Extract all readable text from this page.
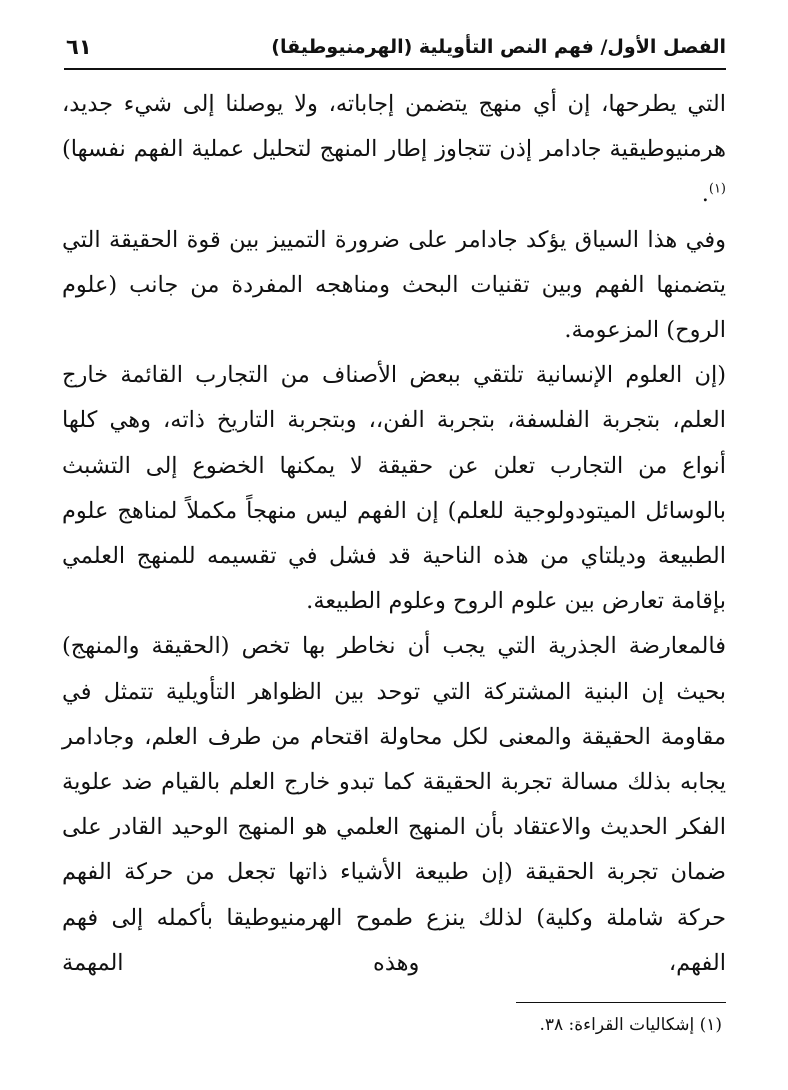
الفصل الأول/ فهم النص التأويلية (الهرمنيوطيقا)
٦١

التي يطرحها، إن أي منهج يتضمن إجاباته، ولا يوصلنا إلى شيء جديد، هرمنيوطيقية جادامر إذن تتجاوز إطار المنهج لتحليل عملية الفهم نفسها)$^{(١)}$.

وفي هذا السياق يؤكد جادامر على ضرورة التمييز بين قوة الحقيقة التي يتضمنها الفهم وبين تقنيات البحث ومناهجه المفردة من جانب (علوم الروح) المزعومة.

(إن العلوم الإنسانية تلتقي ببعض الأصناف من التجارب القائمة خارج العلم، بتجربة الفلسفة، بتجربة الفن،، وبتجربة التاريخ ذاته، وهي كلها أنواع من التجارب تعلن عن حقيقة لا يمكنها الخضوع إلى التشبث بالوسائل الميتودولوجية للعلم) إن الفهم ليس منهجاً مكملاً لمناهج علوم الطبيعة وديلتاي من هذه الناحية قد فشل في تقسيمه للمنهج العلمي بإقامة تعارض بين علوم الروح وعلوم الطبيعة.

فالمعارضة الجذرية التي يجب أن نخاطر بها تخص (الحقيقة والمنهج) بحيث إن البنية المشتركة التي توحد بين الظواهر التأويلية تتمثل في مقاومة الحقيقة والمعنى لكل محاولة اقتحام من طرف العلم، وجادامر يجابه بذلك مسالة تجربة الحقيقة كما تبدو خارج العلم بالقيام ضد علوية الفكر الحديث والاعتقاد بأن المنهج العلمي هو المنهج الوحيد القادر على ضمان تجربة الحقيقة (إن طبيعة الأشياء ذاتها تجعل من حركة الفهم حركة شاملة وكلية) لذلك ينزع طموح الهرمنيوطيقا بأكمله إلى فهم الفهم، وهذه المهمة

(١) إشكاليات القراءة: ٣٨.
